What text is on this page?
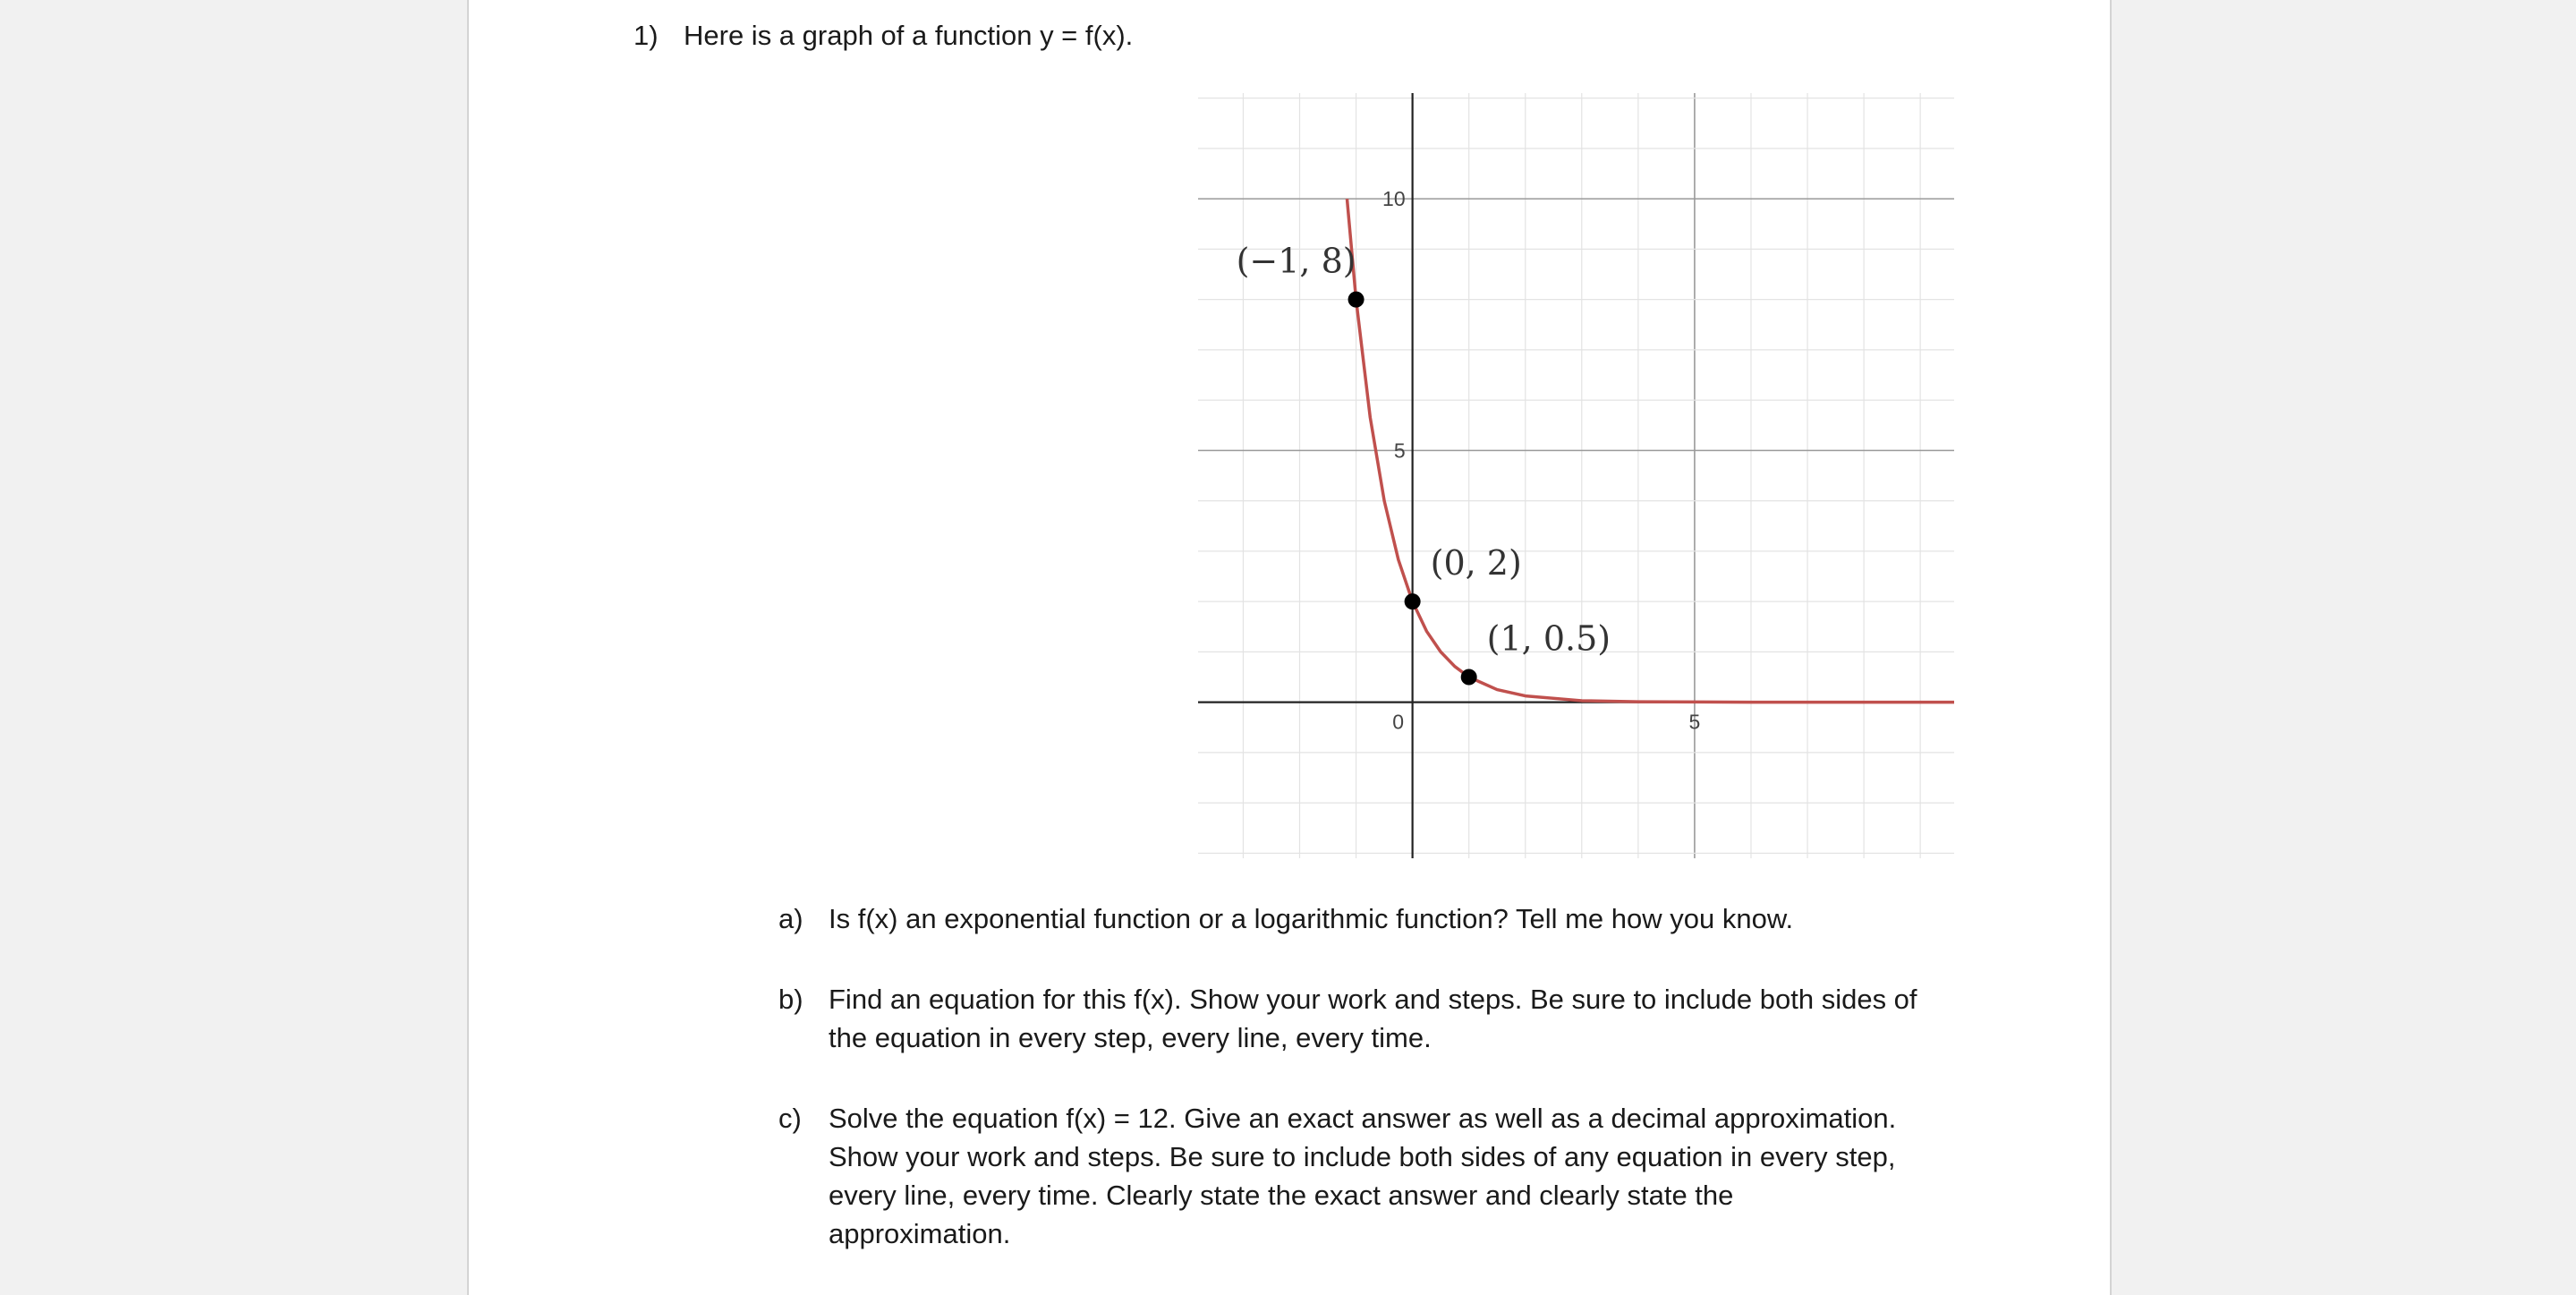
1) Here is a graph of a function y = f(x).
0	5
5
10
(−1, 8)
(0, 2)
(1, 0.5)
a) Is f(x) an exponential function or a logarithmic function? Tell me how you know.
b) Find an equation for this f(x). Show your work and steps. Be sure to include both sides of
the equation in every step, every line, every time.
c) Solve the equation f(x) = 12. Give an exact answer as well as a decimal approximation.
Show your work and steps. Be sure to include both sides of any equation in every step,
every line, every time. Clearly state the exact answer and clearly state the
approximation.
